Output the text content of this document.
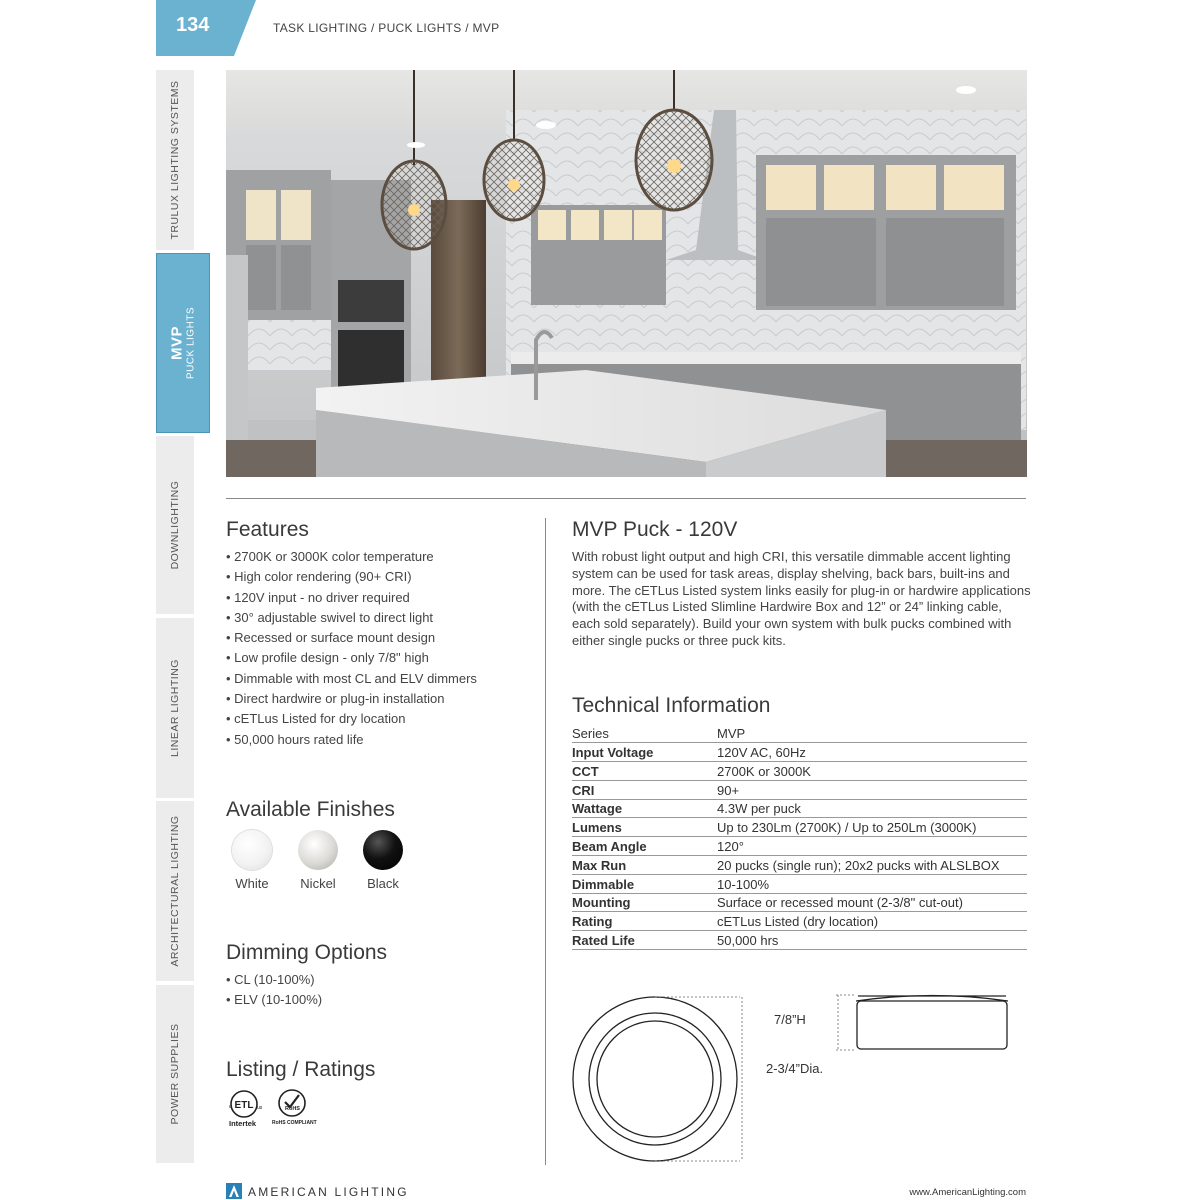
134	TASK LIGHTING / PUCK LIGHTS / MVP
TRULUX LIGHTING SYSTEMS
MVP PUCK LIGHTS
DOWNLIGHTING
LINEAR LIGHTING
ARCHITECTURAL LIGHTING
POWER SUPPLIES
Features
• 2700K or 3000K color temperature
• High color rendering (90+ CRI)
• 120V input - no driver required
• 30° adjustable swivel to direct light
• Recessed or surface mount design
• Low profile design - only 7/8" high
• Dimmable with most CL and ELV dimmers
• Direct hardwire or plug-in installation
• cETLus Listed for dry location
• 50,000 hours rated life
Available Finishes
White	Nickel	Black
Dimming Options
• CL (10-100%)
• ELV (10-100%)
Listing / Ratings
ETL
c	us
Intertek
RoHS
RoHS COMPLIANT
MVP Puck - 120V

With robust light output and high CRI, this versatile dimmable accent lighting system can be used for task areas, display shelving, back bars, built-ins and more. The cETLus Listed system links easily for plug-in or hardwire applications (with the cETLus Listed Slimline Hardwire Box and 12” or 24” linking cable, each sold separately). Build your own system with bulk pucks combined with either single pucks or three puck kits.

Technical Information
Series	MVP
Input Voltage	120V AC, 60Hz
CCT	2700K or 3000K
CRI	90+
Wattage	4.3W per puck
Lumens	Up to 230Lm (2700K) / Up to 250Lm (3000K)
Beam Angle	120°
Max Run	20 pucks (single run); 20x2 pucks with ALSLBOX
Dimmable	10-100%
Mounting	Surface or recessed mount (2-3/8" cut-out)
Rating	cETLus Listed (dry location)
Rated Life	50,000 hrs
2-3/4”Dia.
7/8”H
AMERICAN LIGHTING	www.AmericanLighting.com
